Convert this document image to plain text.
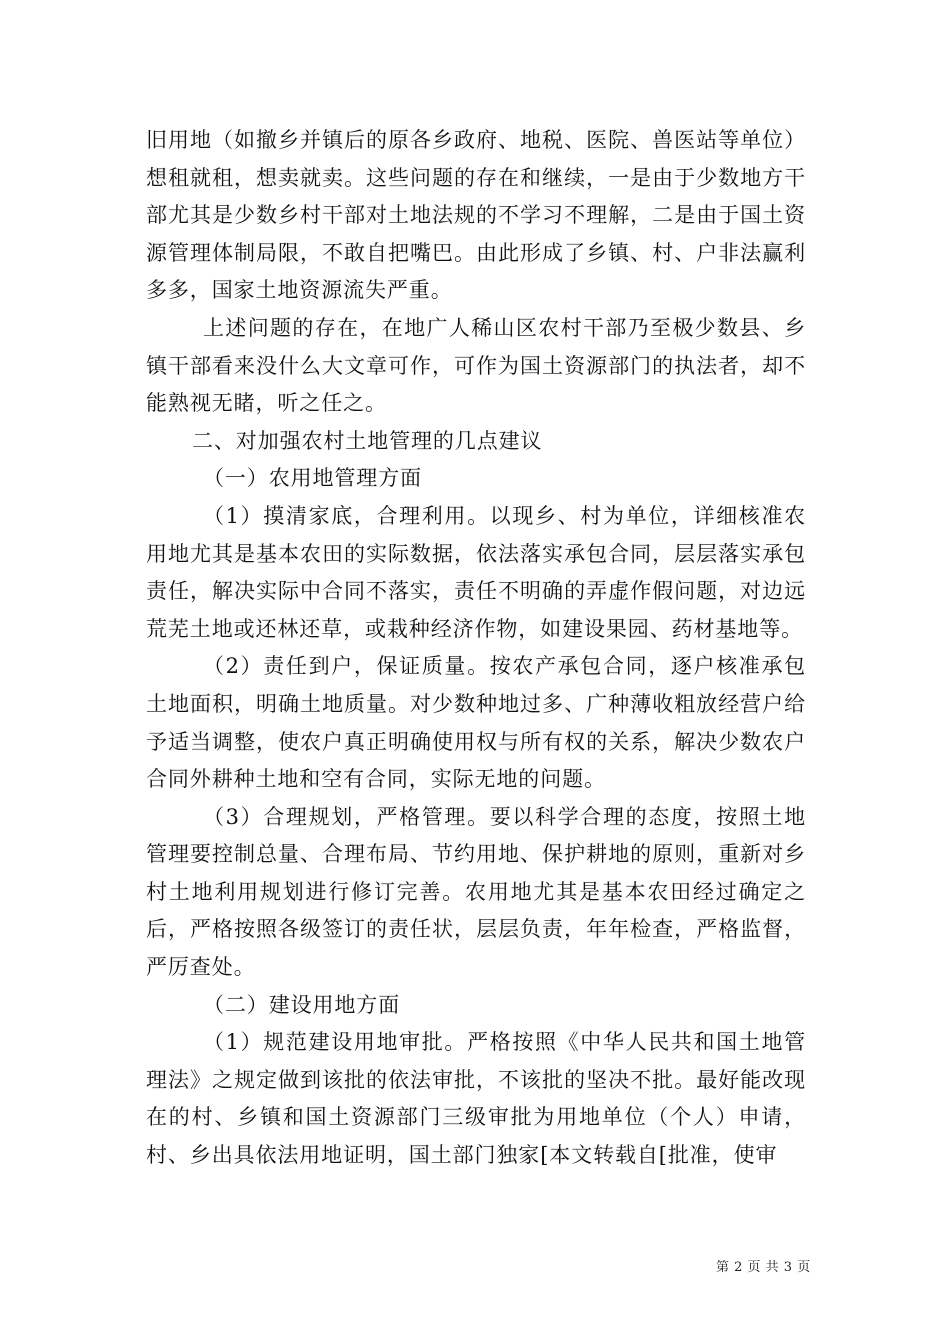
旧用地（如撤乡并镇后的原各乡政府、地税、医院、兽医站等单位）想租就租，想卖就卖。这些问题的存在和继续，一是由于少数地方干部尤其是少数乡村干部对土地法规的不学习不理解，二是由于国土资源管理体制局限，不敢自把嘴巴。由此形成了乡镇、村、户非法赢利多多，国家土地资源流失严重。

上述问题的存在，在地广人稀山区农村干部乃至极少数县、乡镇干部看来没什么大文章可作，可作为国土资源部门的执法者，却不能熟视无睹，听之任之。

二、对加强农村土地管理的几点建议

（一）农用地管理方面

（1）摸清家底，合理利用。以现乡、村为单位，详细核准农用地尤其是基本农田的实际数据，依法落实承包合同，层层落实承包责任，解决实际中合同不落实，责任不明确的弄虚作假问题，对边远荒芜土地或还林还草，或栽种经济作物，如建设果园、药材基地等。

（2）责任到户，保证质量。按农产承包合同，逐户核准承包土地面积，明确土地质量。对少数种地过多、广种薄收粗放经营户给予适当调整，使农户真正明确使用权与所有权的关系，解决少数农户合同外耕种土地和空有合同，实际无地的问题。

（3）合理规划，严格管理。要以科学合理的态度，按照土地管理要控制总量、合理布局、节约用地、保护耕地的原则，重新对乡村土地利用规划进行修订完善。农用地尤其是基本农田经过确定之后，严格按照各级签订的责任状，层层负责，年年检查，严格监督，严厉查处。

（二）建设用地方面

（1）规范建设用地审批。严格按照《中华人民共和国土地管理法》之规定做到该批的依法审批，不该批的坚决不批。最好能改现在的村、乡镇和国土资源部门三级审批为用地单位（个人）申请，村、乡出具依法用地证明，国土部门独家[本文转载自[批准，使审

第 2 页 共 3 页
